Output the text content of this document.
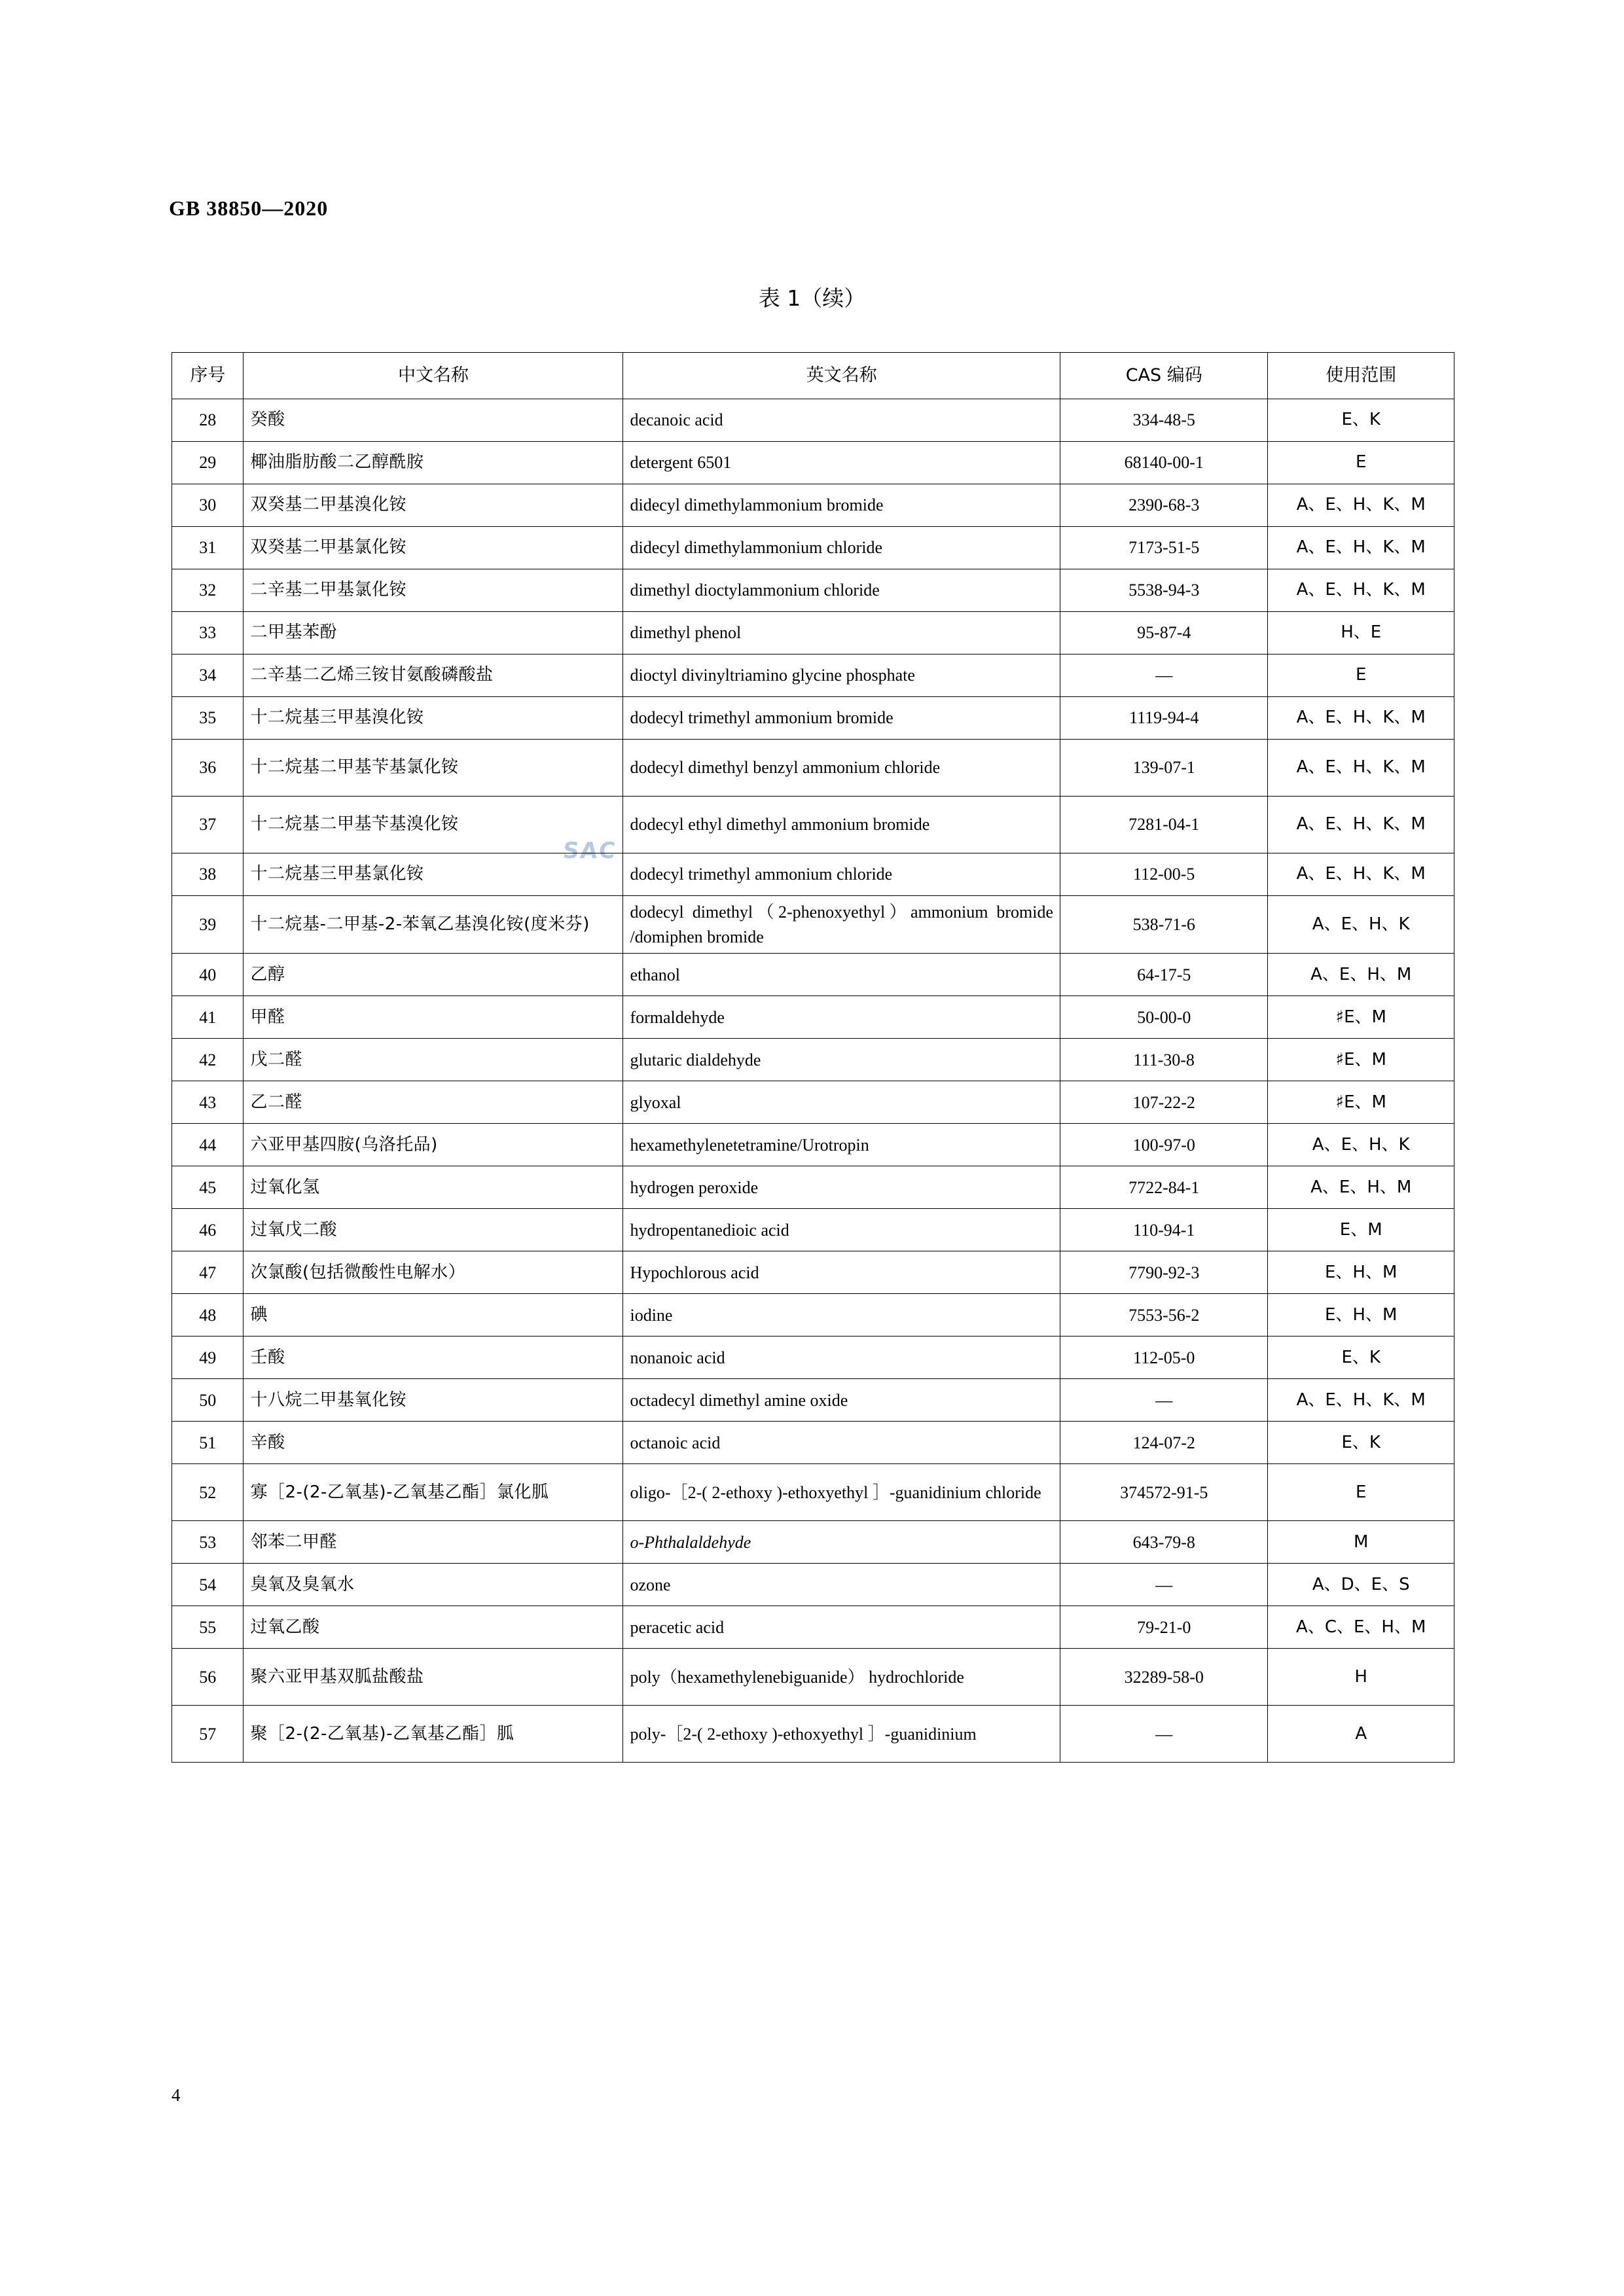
GB 38850—2020
表 1（续）
SAC
序号	中文名称	英文名称	CAS 编码	使用范围
28	癸酸	decanoic acid	334-48-5	E、K
29	椰油脂肪酸二乙醇酰胺	detergent 6501	68140-00-1	E
30	双癸基二甲基溴化铵	didecyl dimethylammonium bromide	2390-68-3	A、E、H、K、M
31	双癸基二甲基氯化铵	didecyl dimethylammonium chloride	7173-51-5	A、E、H、K、M
32	二辛基二甲基氯化铵	dimethyl dioctylammonium chloride	5538-94-3	A、E、H、K、M
33	二甲基苯酚	dimethyl phenol	95-87-4	H、E
34	二辛基二乙烯三铵甘氨酸磷酸盐	dioctyl divinyltriamino glycine phosphate	—	E
35	十二烷基三甲基溴化铵	dodecyl trimethyl ammonium bromide	1119-94-4	A、E、H、K、M
36	十二烷基二甲基苄基氯化铵	dodecyl dimethyl benzyl ammonium chloride	139-07-1	A、E、H、K、M
37	十二烷基二甲基苄基溴化铵	dodecyl ethyl dimethyl ammonium bromide	7281-04-1	A、E、H、K、M
38	十二烷基三甲基氯化铵	dodecyl trimethyl ammonium chloride	112-00-5	A、E、H、K、M
39	十二烷基-二甲基-2-苯氧乙基溴化铵(度米芬)	dodecyl dimethyl（2-phenoxyethyl）ammonium bromide /domiphen bromide	538-71-6	A、E、H、K
40	乙醇	ethanol	64-17-5	A、E、H、M
41	甲醛	formaldehyde	50-00-0	♯E、M
42	戊二醛	glutaric dialdehyde	111-30-8	♯E、M
43	乙二醛	glyoxal	107-22-2	♯E、M
44	六亚甲基四胺(乌洛托品)	hexamethylenetetramine/Urotropin	100-97-0	A、E、H、K
45	过氧化氢	hydrogen peroxide	7722-84-1	A、E、H、M
46	过氧戊二酸	hydropentanedioic acid	110-94-1	E、M
47	次氯酸(包括微酸性电解水）	Hypochlorous acid	7790-92-3	E、H、M
48	碘	iodine	7553-56-2	E、H、M
49	壬酸	nonanoic acid	112-05-0	E、K
50	十八烷二甲基氧化铵	octadecyl dimethyl amine oxide	—	A、E、H、K、M
51	辛酸	octanoic acid	124-07-2	E、K
52	寡［2-(2-乙氧基)-乙氧基乙酯］氯化胍	oligo-［2-( 2-ethoxy )-ethoxyethyl ］-guanidinium chloride	374572-91-5	E
53	邻苯二甲醛	o-Phthalaldehyde	643-79-8	M
54	臭氧及臭氧水	ozone	—	A、D、E、S
55	过氧乙酸	peracetic acid	79-21-0	A、C、E、H、M
56	聚六亚甲基双胍盐酸盐	poly（hexamethylenebiguanide） hydrochloride	32289-58-0	H
57	聚［2-(2-乙氧基)-乙氧基乙酯］胍	poly-［2-( 2-ethoxy )-ethoxyethyl ］-guanidinium	—	A
4
